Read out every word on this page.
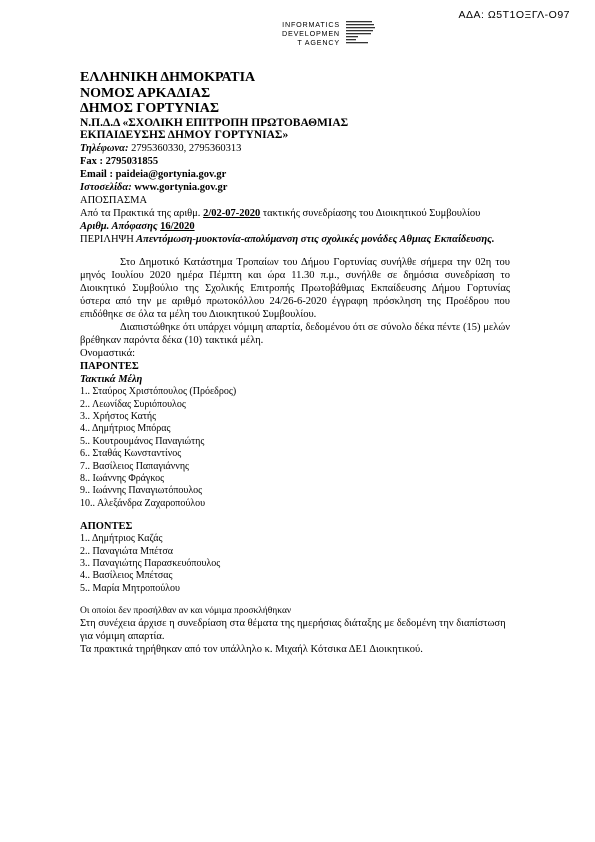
ΑΔΑ: Ω5Τ1ΟΞΓΛ-Ο97
INFORMATICS
DEVELOPMEN
T AGENCY
ΕΛΛΗΝΙΚΗ ΔΗΜΟΚΡΑΤΙΑ
ΝΟΜΟΣ ΑΡΚΑΔΙΑΣ
ΔΗΜΟΣ ΓΟΡΤΥΝΙΑΣ
Ν.Π.Δ.Δ «ΣΧΟΛΙΚΗ ΕΠΙΤΡΟΠΗ ΠΡΩΤΟΒΑΘΜΙΑΣ
ΕΚΠΑΙΔΕΥΣΗΣ ΔΗΜΟΥ ΓΟΡΤΥΝΙΑΣ»
Τηλέφωνα: 2795360330, 2795360313
Fax : 2795031855
Email : paideia@gortynia.gov.gr
Ιστοσελίδα: www.gortynia.gov.gr
ΑΠΟΣΠΑΣΜΑ
Από τα Πρακτικά της αριθμ. 2/02-07-2020 τακτικής συνεδρίασης του Διοικητικού Συμβουλίου
Αριθμ. Απόφασης 16/2020
ΠΕΡΙΛΗΨΗ Απεντόμωση-μυοκτονία-απολύμανση στις σχολικές μονάδες Αθμιας Εκπαίδευσης.
Στο Δημοτικό Κατάστημα Τροπαίων του Δήμου Γορτυνίας συνήλθε σήμερα την 02η του μηνός Ιουλίου 2020 ημέρα Πέμπτη και ώρα 11.30 π.μ., συνήλθε σε δημόσια συνεδρίαση το Διοικητικό Συμβούλιο της Σχολικής Επιτροπής Πρωτοβάθμιας Εκπαίδευσης Δήμου Γορτυνίας ύστερα από την με αριθμό πρωτοκόλλου 24/26-6-2020 έγγραφη πρόσκληση της Προέδρου που επιδόθηκε σε όλα τα μέλη του Διοικητικού Συμβουλίου.
Διαπιστώθηκε ότι υπάρχει νόμιμη απαρτία, δεδομένου ότι σε σύνολο δέκα πέντε (15) μελών βρέθηκαν παρόντα δέκα (10) τακτικά μέλη.
Ονομαστικά:
ΠΑΡΟΝΤΕΣ
Τακτικά Μέλη
1.. Σταύρος Χριστόπουλος (Πρόεδρος)
2.. Λεωνίδας Συριόπουλος
3.. Χρήστος Κατής
4.. Δημήτριος Μπόρας
5.. Κουτρουμάνος Παναγιώτης
6.. Σταθάς Κωνσταντίνος
7.. Βασίλειος Παπαγιάννης
8.. Ιωάννης Φράγκος
9.. Ιωάννης Παναγιωτόπουλος
10.. Αλεξάνδρα Ζαχαροπούλου
ΑΠΟΝΤΕΣ
1.. Δημήτριος Καζάς
2.. Παναγιώτα Μπέτσα
3.. Παναγιώτης Παρασκευόπουλος
4.. Βασίλειος Μπέτσας
5.. Μαρία Μητροπούλου
Οι οποίοι δεν προσήλθαν αν και νόμιμα προσκλήθηκαν
Στη συνέχεια άρχισε η συνεδρίαση στα θέματα της ημερήσιας διάταξης με δεδομένη την διαπίστωση για νόμιμη απαρτία.
Τα πρακτικά τηρήθηκαν από τον υπάλληλο κ. Μιχαήλ Κότσικα ΔΕ1 Διοικητικού.
